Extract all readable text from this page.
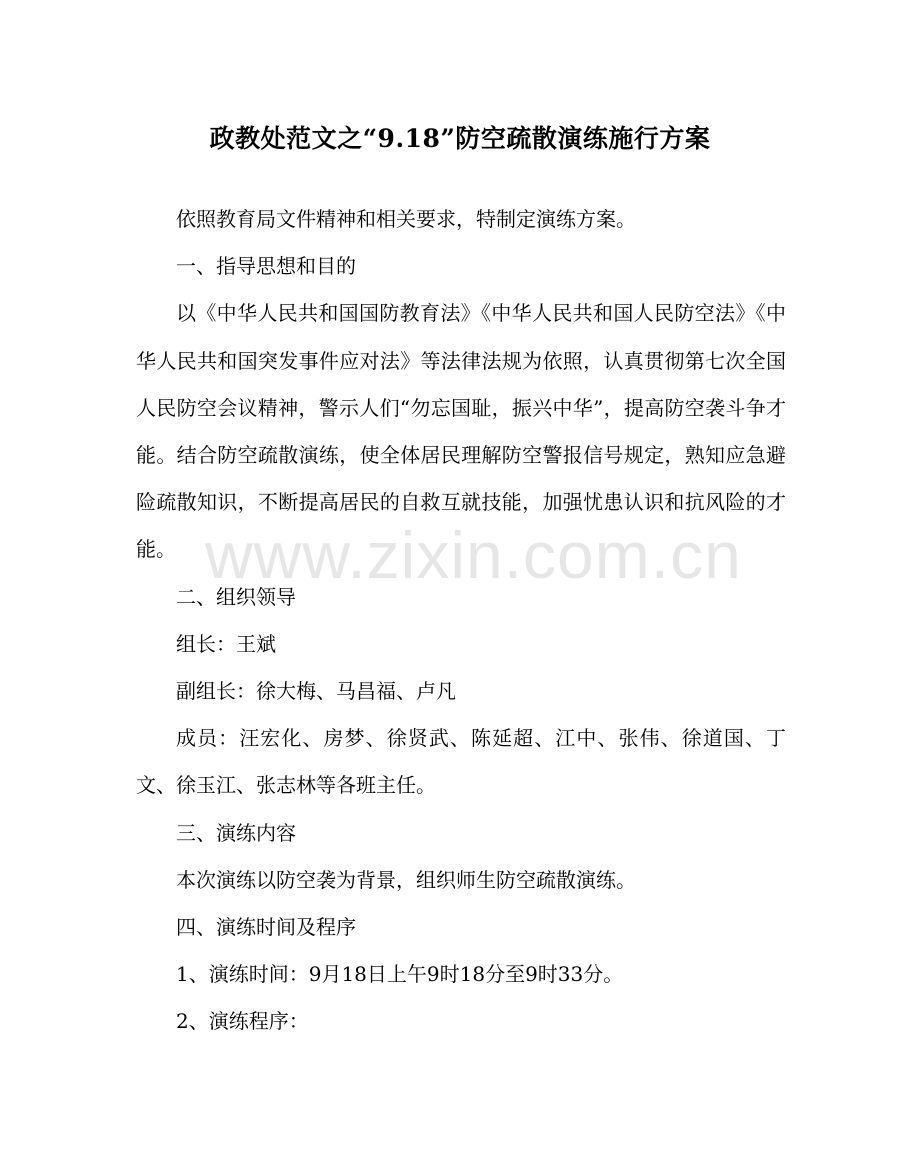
政教处范文之“9.18”防空疏散演练施行方案

依照教育局文件精神和相关要求，特制定演练方案。

一、指导思想和目的

以《中华人民共和国国防教育法》《中华人民共和国人民防空法》《中华人民共和国突发事件应对法》等法律法规为依照，认真贯彻第七次全国人民防空会议精神，警示人们“勿忘国耻，振兴中华”，提高防空袭斗争才能。结合防空疏散演练，使全体居民理解防空警报信号规定，熟知应急避险疏散知识，不断提高居民的自救互就技能，加强忧患认识和抗风险的才能。

二、组织领导

组长：王斌

副组长：徐大梅、马昌福、卢凡

成员：汪宏化、房梦、徐贤武、陈延超、江中、张伟、徐道国、丁文、徐玉江、张志林等各班主任。

三、演练内容

本次演练以防空袭为背景，组织师生防空疏散演练。

四、演练时间及程序

1、演练时间：9月18日上午9时18分至9时33分。

2、演练程序：

www.zixin.com.cn
